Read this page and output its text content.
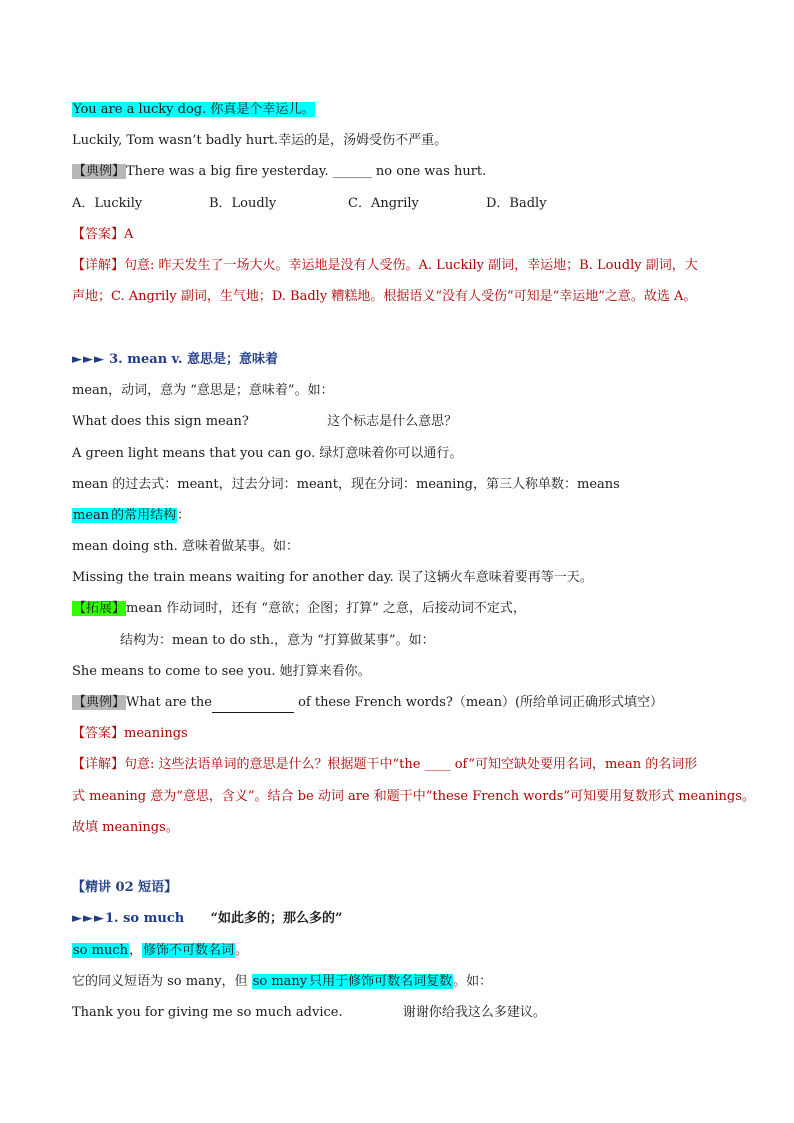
You are a lucky dog. 你真是个幸运儿。
Luckily, Tom wasn’t badly hurt.幸运的是，汤姆受伤不严重。
【典例】There was a big fire yesterday. ______ no one was hurt.
A．Luckily	B．Loudly	C．Angrily	D．Badly
【答案】A
【详解】句意: 昨天发生了一场大火。幸运地是没有人受伤。A. Luckily 副词，幸运地；B. Loudly 副词，大
声地；C. Angrily 副词，生气地；D. Badly 糟糕地。根据语义“没有人受伤”可知是“幸运地”之意。故选 A。
►►► 3. mean v. 意思是；意味着
mean，动词，意为 “意思是；意味着”。如：
What does this sign mean?	这个标志是什么意思？
A green light means that you can go. 绿灯意味着你可以通行。
mean 的过去式：meant，过去分词：meant，现在分词：meaning，第三人称单数：means
mean 的常用结构：
mean doing sth. 意味着做某事。如：
Missing the train means waiting for another day. 误了这辆火车意味着要再等一天。
【拓展】mean 作动词时，还有 “意欲；企图；打算” 之意，后接动词不定式，
结构为：mean to do sth.，意为 “打算做某事”。如：
She means to come to see you. 她打算来看你。
【典例】What are the	of these French words?（mean）(所给单词正确形式填空）
【答案】meanings
【详解】句意: 这些法语单词的意思是什么？根据题干中“the ____ of”可知空缺处要用名词，mean 的名词形
式 meaning 意为“意思，含义”。结合 be 动词 are 和题干中“these French words”可知要用复数形式 meanings。
故填 meanings。
【精讲 02 短语】
►►►1. so much “如此多的；那么多的”
so much，修饰不可数名词。
它的同义短语为 so many，但 so many 只用于修饰可数名词复数。如：
Thank you for giving me so much advice.	谢谢你给我这么多建议。
